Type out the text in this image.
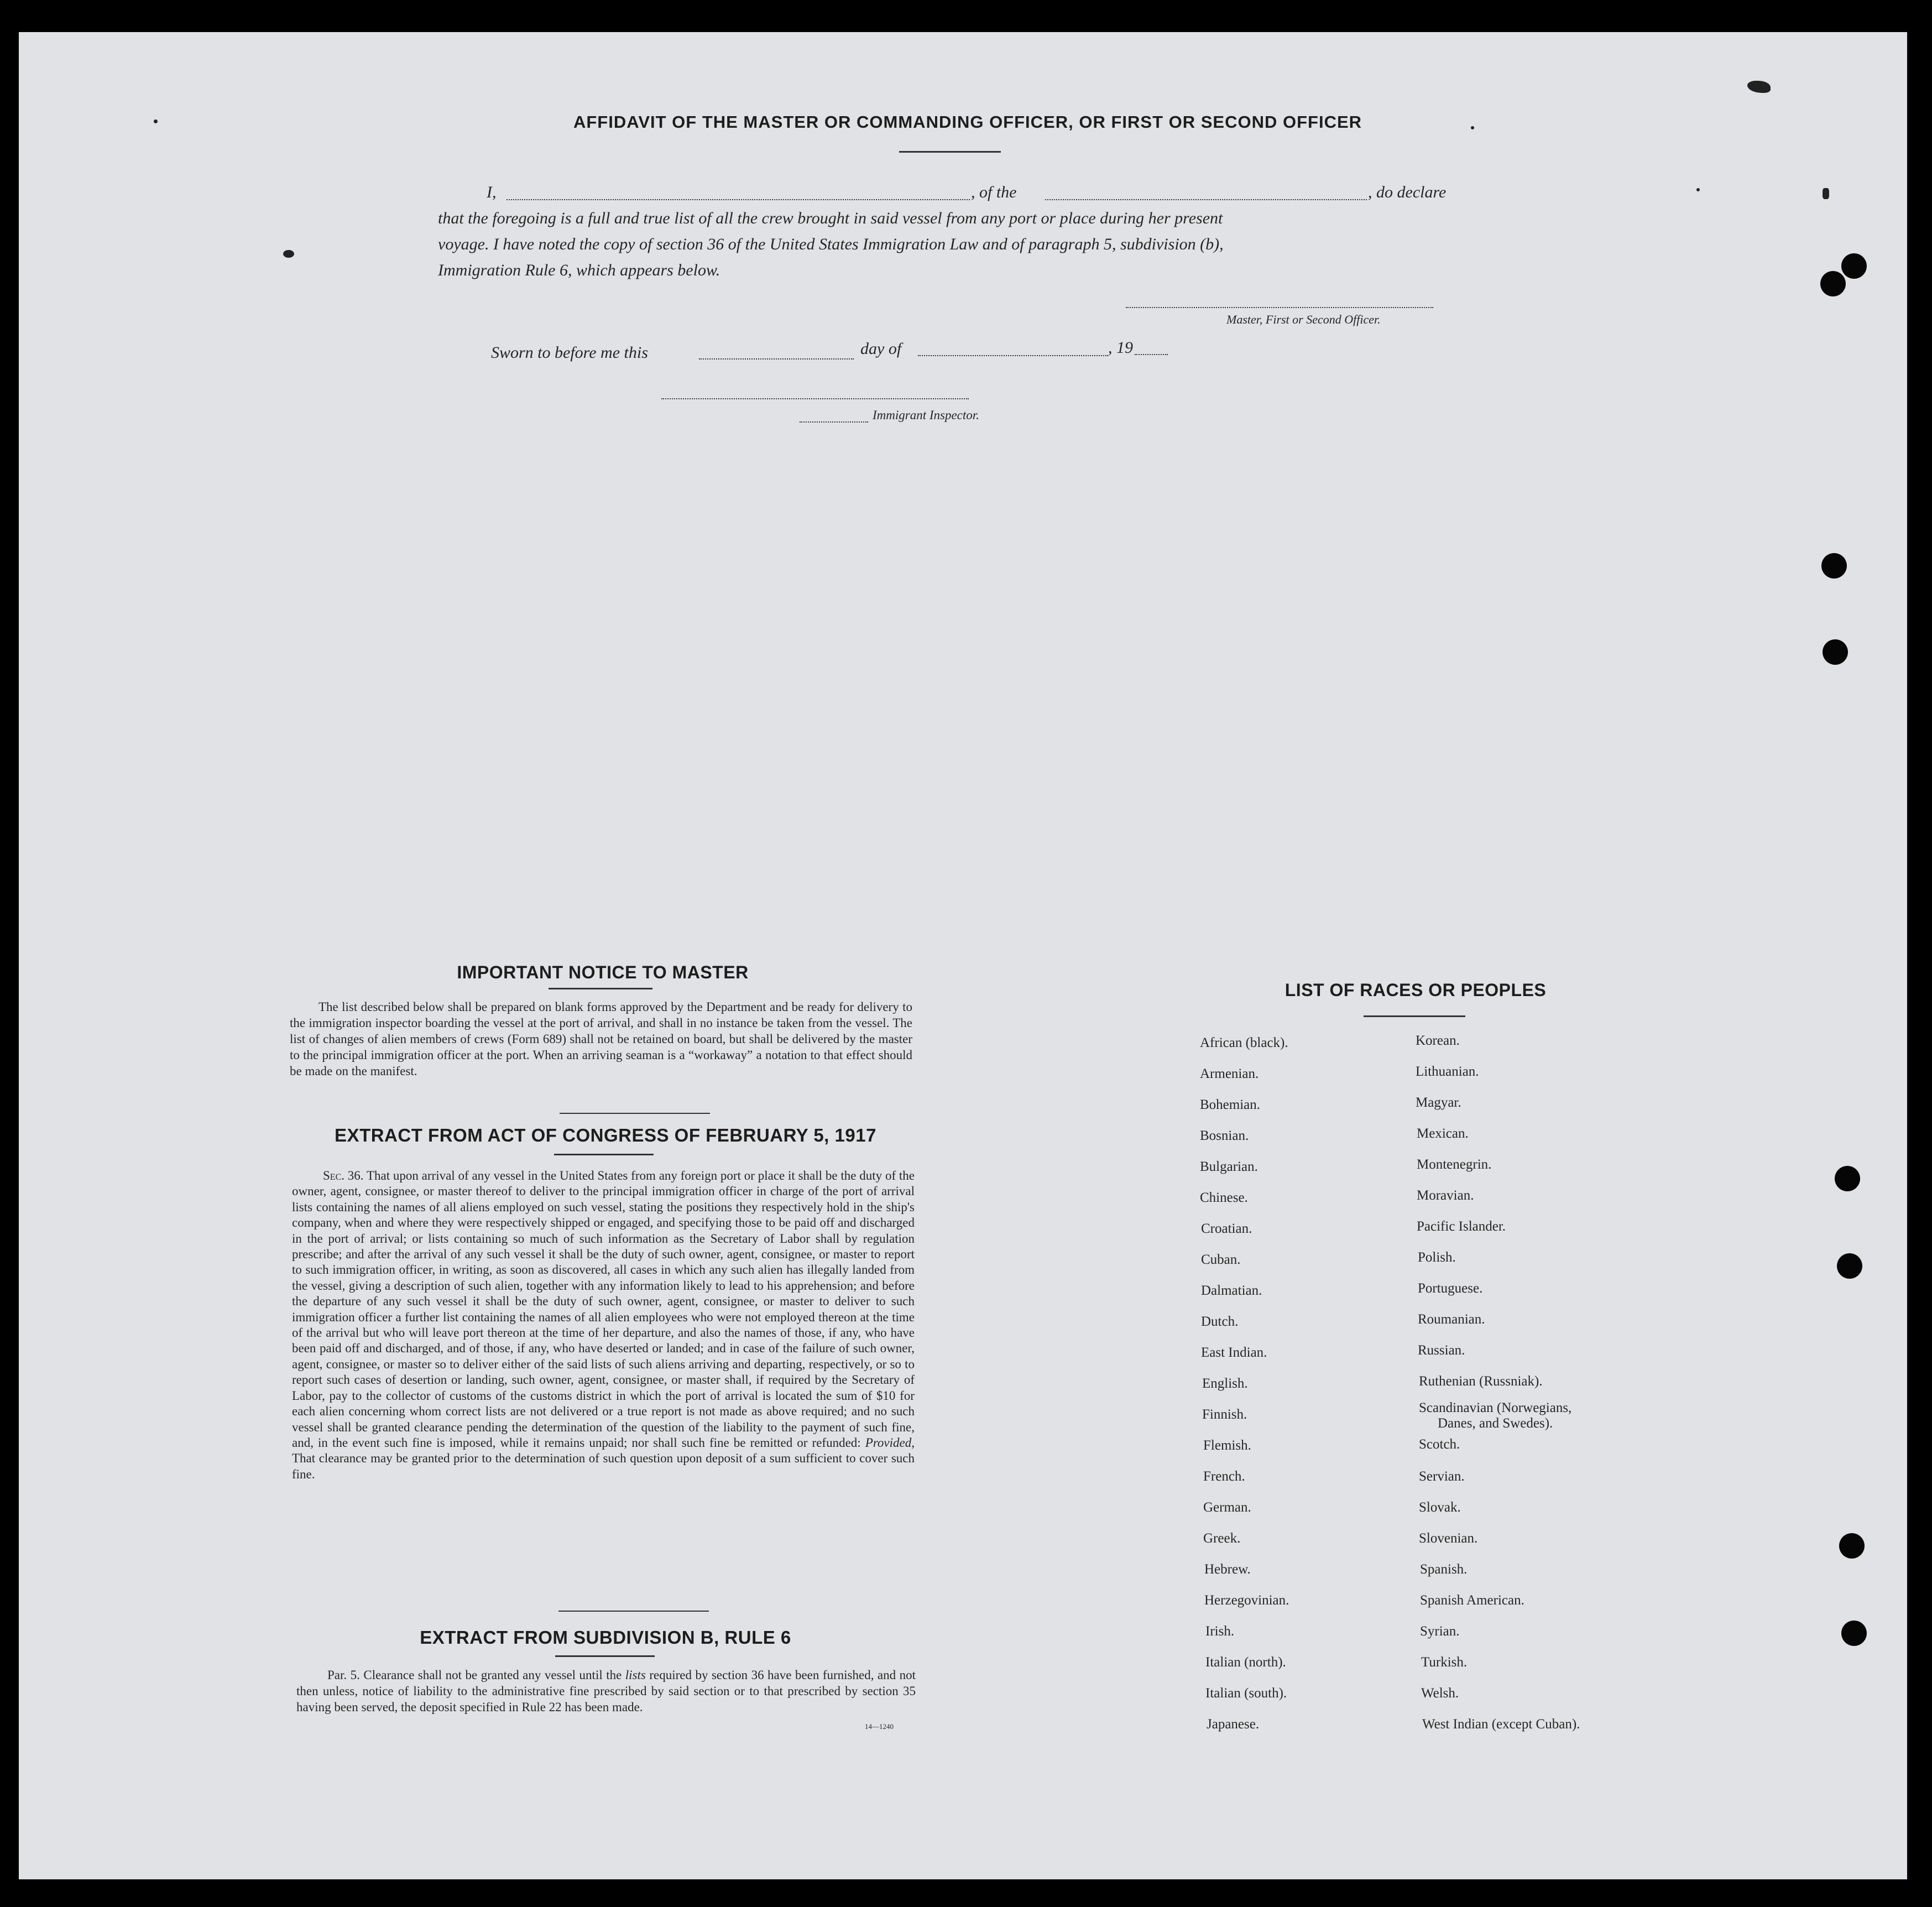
AFFIDAVIT OF THE MASTER OR COMMANDING OFFICER, OR FIRST OR SECOND OFFICER
I,	, of the	, do declare
that the foregoing is a full and true list of all the crew brought in said vessel from any port or place during her present
voyage. I have noted the copy of section 36 of the United States Immigration Law and of paragraph 5, subdivision (b),
Immigration Rule 6, which appears below.
Master, First or Second Officer.
Sworn to before me this	day of	, 19
Immigrant Inspector.
IMPORTANT NOTICE TO MASTER
The list described below shall be prepared on blank forms approved by the Department and be ready for delivery to the immigration inspector boarding the vessel at the port of arrival, and shall in no instance be taken from the vessel. The list of changes of alien members of crews (Form 689) shall not be retained on board, but shall be delivered by the master to the principal immigration officer at the port. When an arriving seaman is a “workaway” a notation to that effect should be made on the manifest.
EXTRACT FROM ACT OF CONGRESS OF FEBRUARY 5, 1917
Sec. 36. That upon arrival of any vessel in the United States from any foreign port or place it shall be the duty of the owner, agent, consignee, or master thereof to deliver to the principal immigration officer in charge of the port of arrival lists containing the names of all aliens employed on such vessel, stating the positions they respectively hold in the ship's company, when and where they were respectively shipped or engaged, and specifying those to be paid off and discharged in the port of arrival; or lists containing so much of such information as the Secretary of Labor shall by regulation prescribe; and after the arrival of any such vessel it shall be the duty of such owner, agent, consignee, or master to report to such immigration officer, in writing, as soon as discovered, all cases in which any such alien has illegally landed from the vessel, giving a description of such alien, together with any information likely to lead to his apprehension; and before the departure of any such vessel it shall be the duty of such owner, agent, consignee, or master to deliver to such immigration officer a further list containing the names of all alien employees who were not employed thereon at the time of the arrival but who will leave port thereon at the time of her departure, and also the names of those, if any, who have been paid off and discharged, and of those, if any, who have deserted or landed; and in case of the failure of such owner, agent, consignee, or master so to deliver either of the said lists of such aliens arriving and departing, respectively, or so to report such cases of desertion or landing, such owner, agent, consignee, or master shall, if required by the Secretary of Labor, pay to the collector of customs of the customs district in which the port of arrival is located the sum of $10 for each alien concerning whom correct lists are not delivered or a true report is not made as above required; and no such vessel shall be granted clearance pending the determination of the question of the liability to the payment of such fine, and, in the event such fine is imposed, while it remains unpaid; nor shall such fine be remitted or refunded: Provided, That clearance may be granted prior to the determination of such question upon deposit of a sum sufficient to cover such fine.
EXTRACT FROM SUBDIVISION B, RULE 6
Par. 5. Clearance shall not be granted any vessel until the lists required by section 36 have been furnished, and not then unless, notice of liability to the administrative fine prescribed by said section or to that prescribed by section 35 having been served, the deposit specified in Rule 22 has been made.
14—1240
LIST OF RACES OR PEOPLES
African (black).
Armenian.
Bohemian.
Bosnian.
Bulgarian.
Chinese.
Croatian.
Cuban.
Dalmatian.
Dutch.
East Indian.
English.
Finnish.
Flemish.
French.
German.
Greek.
Hebrew.
Herzegovinian.
Irish.
Italian (north).
Italian (south).
Japanese.
Korean.
Lithuanian.
Magyar.
Mexican.
Montenegrin.
Moravian.
Pacific Islander.
Polish.
Portuguese.
Roumanian.
Russian.
Ruthenian (Russniak).
Scandinavian (Norwegians,
Danes, and Swedes).
Scotch.
Servian.
Slovak.
Slovenian.
Spanish.
Spanish American.
Syrian.
Turkish.
Welsh.
West Indian (except Cuban).
